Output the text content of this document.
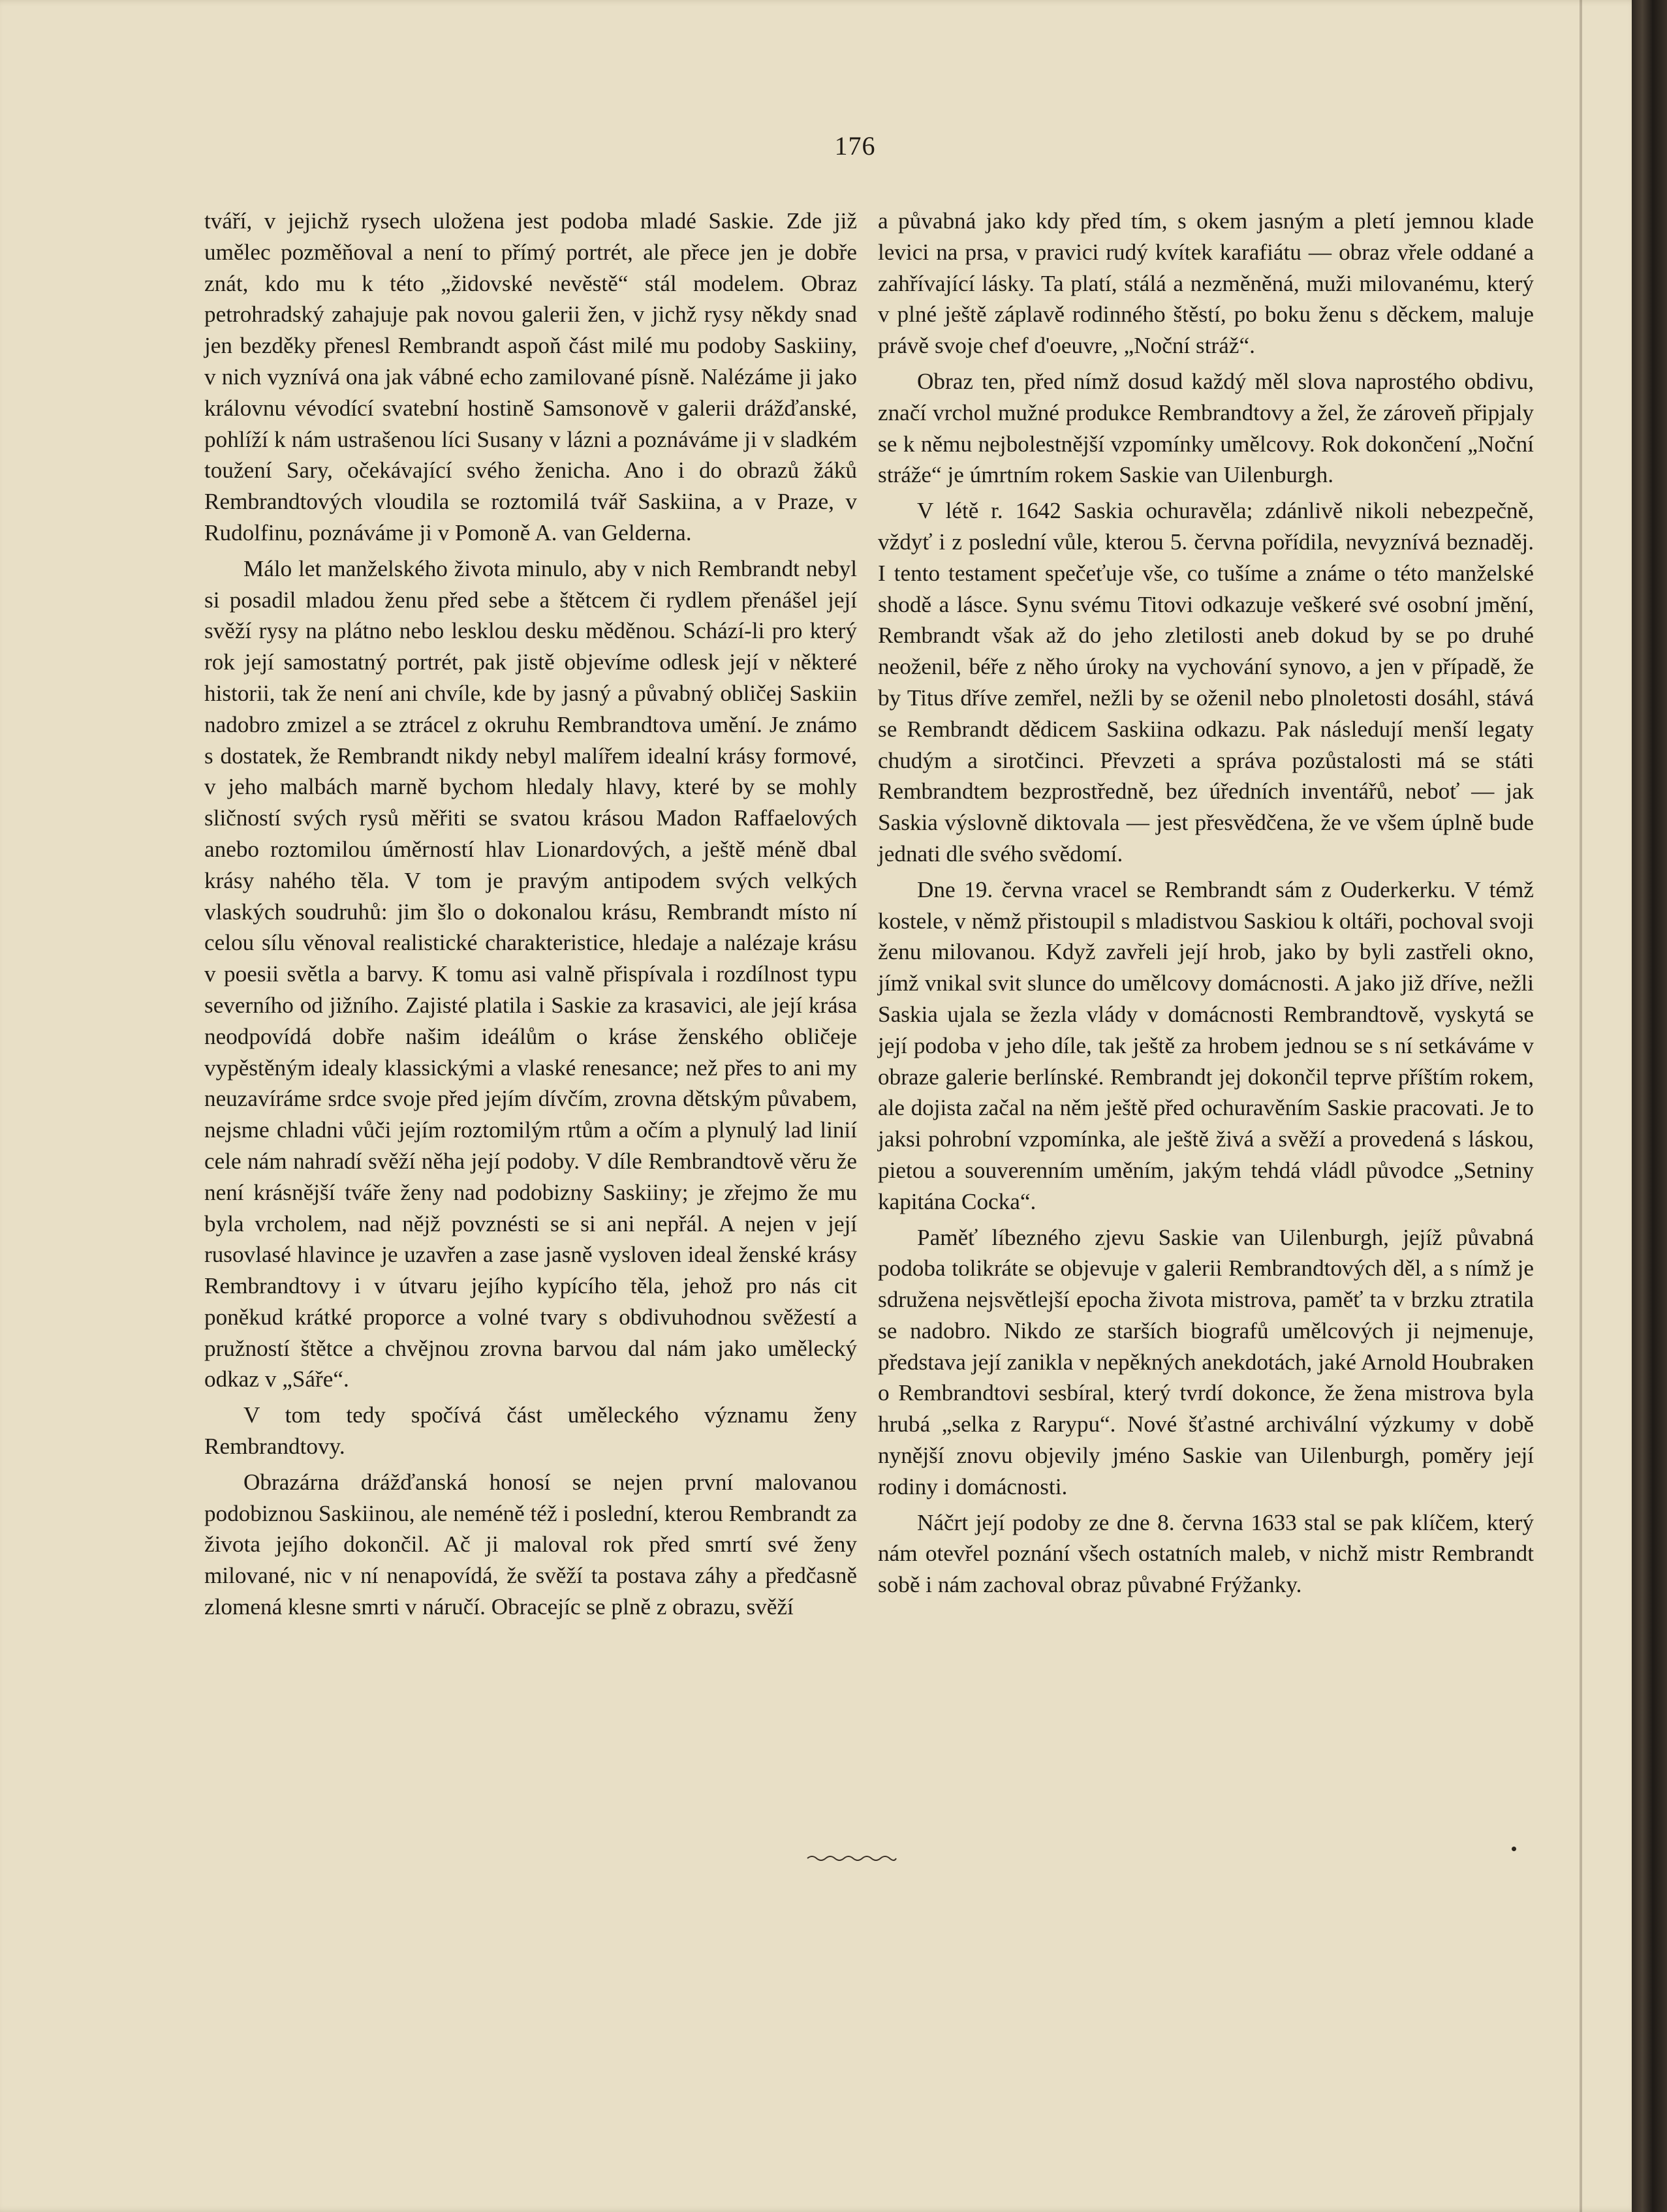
176

tváří, v jejichž rysech uložena jest podoba mladé Saskie. Zde již umělec pozměňoval a není to přímý portrét, ale přece jen je dobře znát, kdo mu k této „židovské nevěstě“ stál modelem. Obraz petrohradský zahajuje pak novou galerii žen, v jichž rysy někdy snad jen bezděky přenesl Rembrandt aspoň část milé mu podoby Saskiiny, v nich vyznívá ona jak vábné echo zamilované písně. Nalézáme ji jako královnu vévodící svatební hostině Samsonově v galerii drážďanské, pohlíží k nám ustrašenou líci Susany v lázni a poznáváme ji v sladkém toužení Sary, očekávající svého ženicha. Ano i do obrazů žáků Rembrandtových vloudila se roztomilá tvář Saskiina, a v Praze, v Rudolfinu, poznáváme ji v Pomoně A. van Gelderna.

Málo let manželského života minulo, aby v nich Rembrandt nebyl si posadil mladou ženu před sebe a štětcem či rydlem přenášel její svěží rysy na plátno nebo lesklou desku měděnou. Schází-li pro který rok její samostatný portrét, pak jistě objevíme odlesk její v některé historii, tak že není ani chvíle, kde by jasný a půvabný obličej Saskiin nadobro zmizel a se ztrácel z okruhu Rembrandtova umění. Je známo s dostatek, že Rembrandt nikdy nebyl malířem idealní krásy formové, v jeho malbách marně bychom hledaly hlavy, které by se mohly sličností svých rysů měřiti se svatou krásou Madon Raffaelových anebo roztomilou úměrností hlav Lionardových, a ještě méně dbal krásy nahého těla. V tom je pravým antipodem svých velkých vlaských soudruhů: jim šlo o dokonalou krásu, Rembrandt místo ní celou sílu věnoval realistické charakteristice, hledaje a nalézaje krásu v poesii světla a barvy. K tomu asi valně přispívala i rozdílnost typu severního od jižního. Zajisté platila i Saskie za krasavici, ale její krása neodpovídá dobře našim ideálům o kráse ženského obličeje vypěstěným idealy klassickými a vlaské renesance; než přes to ani my neuzavíráme srdce svoje před jejím dívčím, zrovna dětským půvabem, nejsme chladni vůči jejím roztomilým rtům a očím a plynulý lad linií cele nám nahradí svěží něha její podoby. V díle Rembrandtově věru že není krásnější tváře ženy nad podobizny Saskiiny; je zřejmo že mu byla vrcholem, nad nějž povznésti se si ani nepřál. A nejen v její rusovlasé hlavince je uzavřen a zase jasně vysloven ideal ženské krásy Rembrandtovy i v útvaru jejího kypícího těla, jehož pro nás cit poněkud krátké proporce a volné tvary s obdivuhodnou svěžestí a pružností štětce a chvějnou zrovna barvou dal nám jako umělecký odkaz v „Sáře“.

V tom tedy spočívá část uměleckého významu ženy Rembrandtovy.

Obrazárna drážďanská honosí se nejen první malovanou podobiznou Saskiinou, ale neméně též i poslední, kterou Rembrandt za života jejího dokončil. Ač ji maloval rok před smrtí své ženy milované, nic v ní nenapovídá, že svěží ta postava záhy a předčasně zlomená klesne smrti v náručí. Obracejíc se plně z obrazu, svěží

a půvabná jako kdy před tím, s okem jasným a pletí jemnou klade levici na prsa, v pravici rudý kvítek karafiátu — obraz vřele oddané a zahřívající lásky. Ta platí, stálá a nezměněná, muži milovanému, který v plné ještě záplavě rodinného štěstí, po boku ženu s děckem, maluje právě svoje chef d'oeuvre, „Noční stráž“.

Obraz ten, před nímž dosud každý měl slova naprostého obdivu, značí vrchol mužné produkce Rembrandtovy a žel, že zároveň připjaly se k němu nejbolestnější vzpomínky umělcovy. Rok dokončení „Noční stráže“ je úmrtním rokem Saskie van Uilenburgh.

V létě r. 1642 Saskia ochuravěla; zdánlivě nikoli nebezpečně, vždyť i z poslední vůle, kterou 5. června pořídila, nevyznívá beznaděj. I tento testament spečeťuje vše, co tušíme a známe o této manželské shodě a lásce. Synu svému Titovi odkazuje veškeré své osobní jmění, Rembrandt však až do jeho zletilosti aneb dokud by se po druhé neoženil, béře z něho úroky na vychování synovo, a jen v případě, že by Titus dříve zemřel, nežli by se oženil nebo plnoletosti dosáhl, stává se Rembrandt dědicem Saskiina odkazu. Pak následují menší legaty chudým a sirotčinci. Převzeti a správa pozůstalosti má se státi Rembrandtem bezprostředně, bez úředních inventářů, neboť — jak Saskia výslovně diktovala — jest přesvědčena, že ve všem úplně bude jednati dle svého svědomí.

Dne 19. června vracel se Rembrandt sám z Ouderkerku. V témž kostele, v němž přistoupil s mladistvou Saskiou k oltáři, pochoval svoji ženu milovanou. Když zavřeli její hrob, jako by byli zastřeli okno, jímž vnikal svit slunce do umělcovy domácnosti. A jako již dříve, nežli Saskia ujala se žezla vlády v domácnosti Rembrandtově, vyskytá se její podoba v jeho díle, tak ještě za hrobem jednou se s ní setkáváme v obraze galerie berlínské. Rembrandt jej dokončil teprve příštím rokem, ale dojista začal na něm ještě před ochuravěním Saskie pracovati. Je to jaksi pohrobní vzpomínka, ale ještě živá a svěží a provedená s láskou, pietou a souverenním uměním, jakým tehdá vládl původce „Setniny kapitána Cocka“.

Paměť líbezného zjevu Saskie van Uilenburgh, jejíž půvabná podoba tolikráte se objevuje v galerii Rembrandtových děl, a s nímž je sdružena nejsvětlejší epocha života mistrova, paměť ta v brzku ztratila se nadobro. Nikdo ze starších biografů umělcových ji nejmenuje, představa její zanikla v nepěkných anekdotách, jaké Arnold Houbraken o Rembrandtovi sesbíral, který tvrdí dokonce, že žena mistrova byla hrubá „selka z Rarypu“. Nové šťastné archivální výzkumy v době nynější znovu objevily jméno Saskie van Uilenburgh, poměry její rodiny i domácnosti.

Náčrt její podoby ze dne 8. června 1633 stal se pak klíčem, který nám otevřel poznání všech ostatních maleb, v nichž mistr Rembrandt sobě i nám zachoval obraz půvabné Frýžanky.
